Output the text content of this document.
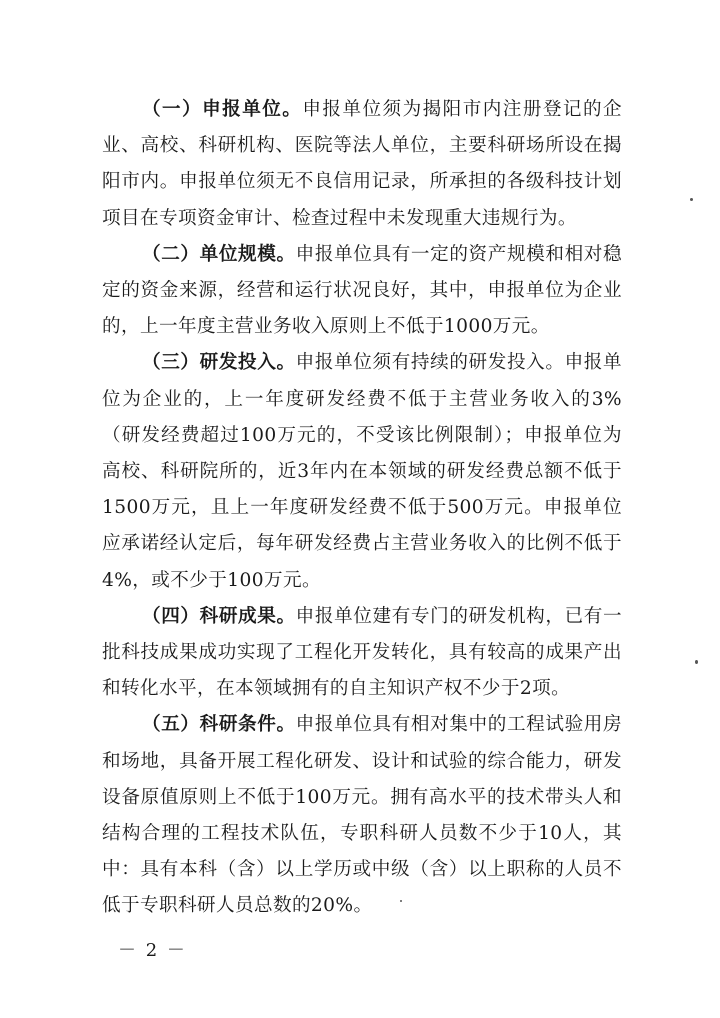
（一）申报单位。申报单位须为揭阳市内注册登记的企业、高校、科研机构、医院等法人单位，主要科研场所设在揭阳市内。申报单位须无不良信用记录，所承担的各级科技计划项目在专项资金审计、检查过程中未发现重大违规行为。

（二）单位规模。申报单位具有一定的资产规模和相对稳定的资金来源，经营和运行状况良好，其中，申报单位为企业的，上一年度主营业务收入原则上不低于1000万元。

（三）研发投入。申报单位须有持续的研发投入。申报单位为企业的，上一年度研发经费不低于主营业务收入的3%（研发经费超过100万元的，不受该比例限制）；申报单位为高校、科研院所的，近3年内在本领域的研发经费总额不低于1500万元，且上一年度研发经费不低于500万元。申报单位应承诺经认定后，每年研发经费占主营业务收入的比例不低于4%，或不少于100万元。

（四）科研成果。申报单位建有专门的研发机构，已有一批科技成果成功实现了工程化开发转化，具有较高的成果产出和转化水平，在本领域拥有的自主知识产权不少于2项。

（五）科研条件。申报单位具有相对集中的工程试验用房和场地，具备开展工程化研发、设计和试验的综合能力，研发设备原值原则上不低于100万元。拥有高水平的技术带头人和结构合理的工程技术队伍，专职科研人员数不少于10人，其中：具有本科（含）以上学历或中级（含）以上职称的人员不低于专职科研人员总数的20%。

－ 2 －
